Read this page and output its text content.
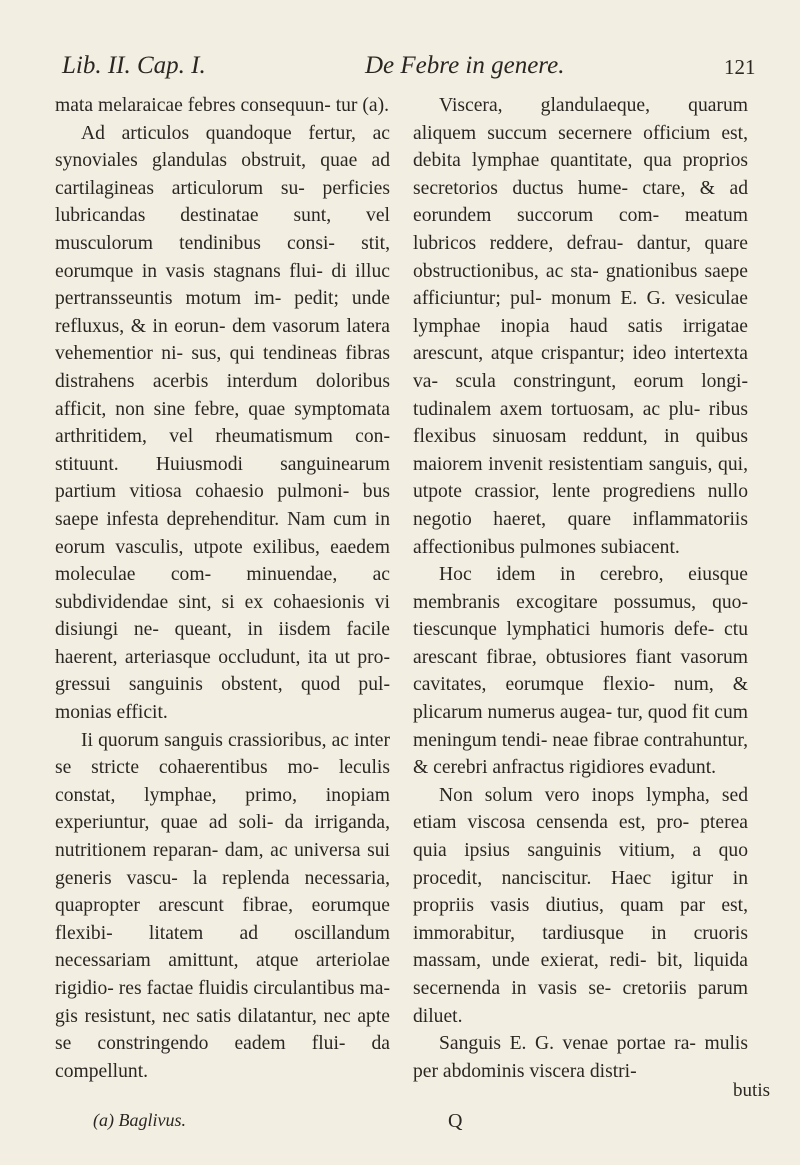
Lib. II. Cap. I.	De Febre in genere.	121

mata melaraicae febres consequun- tur (a).

Ad articulos quandoque fertur, ac synoviales glandulas obstruit, quae ad cartilagineas articulorum su- perficies lubricandas destinatae sunt, vel musculorum tendinibus consi- stit, eorumque in vasis stagnans flui- di illuc pertransseuntis motum im- pedit; unde refluxus, & in eorun- dem vasorum latera vehementior ni- sus, qui tendineas fibras distrahens acerbis interdum doloribus afficit, non sine febre, quae symptomata arthritidem, vel rheumatismum con- stituunt. Huiusmodi sanguinearum partium vitiosa cohaesio pulmoni- bus saepe infesta deprehenditur. Nam cum in eorum vasculis, utpote exilibus, eaedem moleculae com- minuendae, ac subdividendae sint, si ex cohaesionis vi disiungi ne- queant, in iisdem facile haerent, arteriasque occludunt, ita ut pro- gressui sanguinis obstent, quod pul- monias efficit.

Ii quorum sanguis crassioribus, ac inter se stricte cohaerentibus mo- leculis constat, lymphae, primo, inopiam experiuntur, quae ad soli- da irriganda, nutritionem reparan- dam, ac universa sui generis vascu- la replenda necessaria, quapropter arescunt fibrae, eorumque flexibi- litatem ad oscillandum necessariam amittunt, atque arteriolae rigidio- res factae fluidis circulantibus ma- gis resistunt, nec satis dilatantur, nec apte se constringendo eadem flui- da compellunt.

Viscera, glandulaeque, quarum aliquem succum secernere officium est, debita lymphae quantitate, qua proprios secretorios ductus hume- ctare, & ad eorundem succorum com- meatum lubricos reddere, defrau- dantur, quare obstructionibus, ac sta- gnationibus saepe afficiuntur; pul- monum E. G. vesiculae lymphae inopia haud satis irrigatae arescunt, atque crispantur; ideo intertexta va- scula constringunt, eorum longi- tudinalem axem tortuosam, ac plu- ribus flexibus sinuosam reddunt, in quibus maiorem invenit resistentiam sanguis, qui, utpote crassior, lente progrediens nullo negotio haeret, quare inflammatoriis affectionibus pulmones subiacent.

Hoc idem in cerebro, eiusque membranis excogitare possumus, quo- tiescunque lymphatici humoris defe- ctu arescant fibrae, obtusiores fiant vasorum cavitates, eorumque flexio- num, & plicarum numerus augea- tur, quod fit cum meningum tendi- neae fibrae contrahuntur, & cerebri anfractus rigidiores evadunt.

Non solum vero inops lympha, sed etiam viscosa censenda est, pro- pterea quia ipsius sanguinis vitium, a quo procedit, nanciscitur. Haec igitur in propriis vasis diutius, quam par est, immorabitur, tardiusque in cruoris massam, unde exierat, redi- bit, liquida secernenda in vasis se- cretoriis parum diluet.

Sanguis E. G. venae portae ra- mulis per abdominis viscera distri-

butis
(a) Baglivus.	Q
